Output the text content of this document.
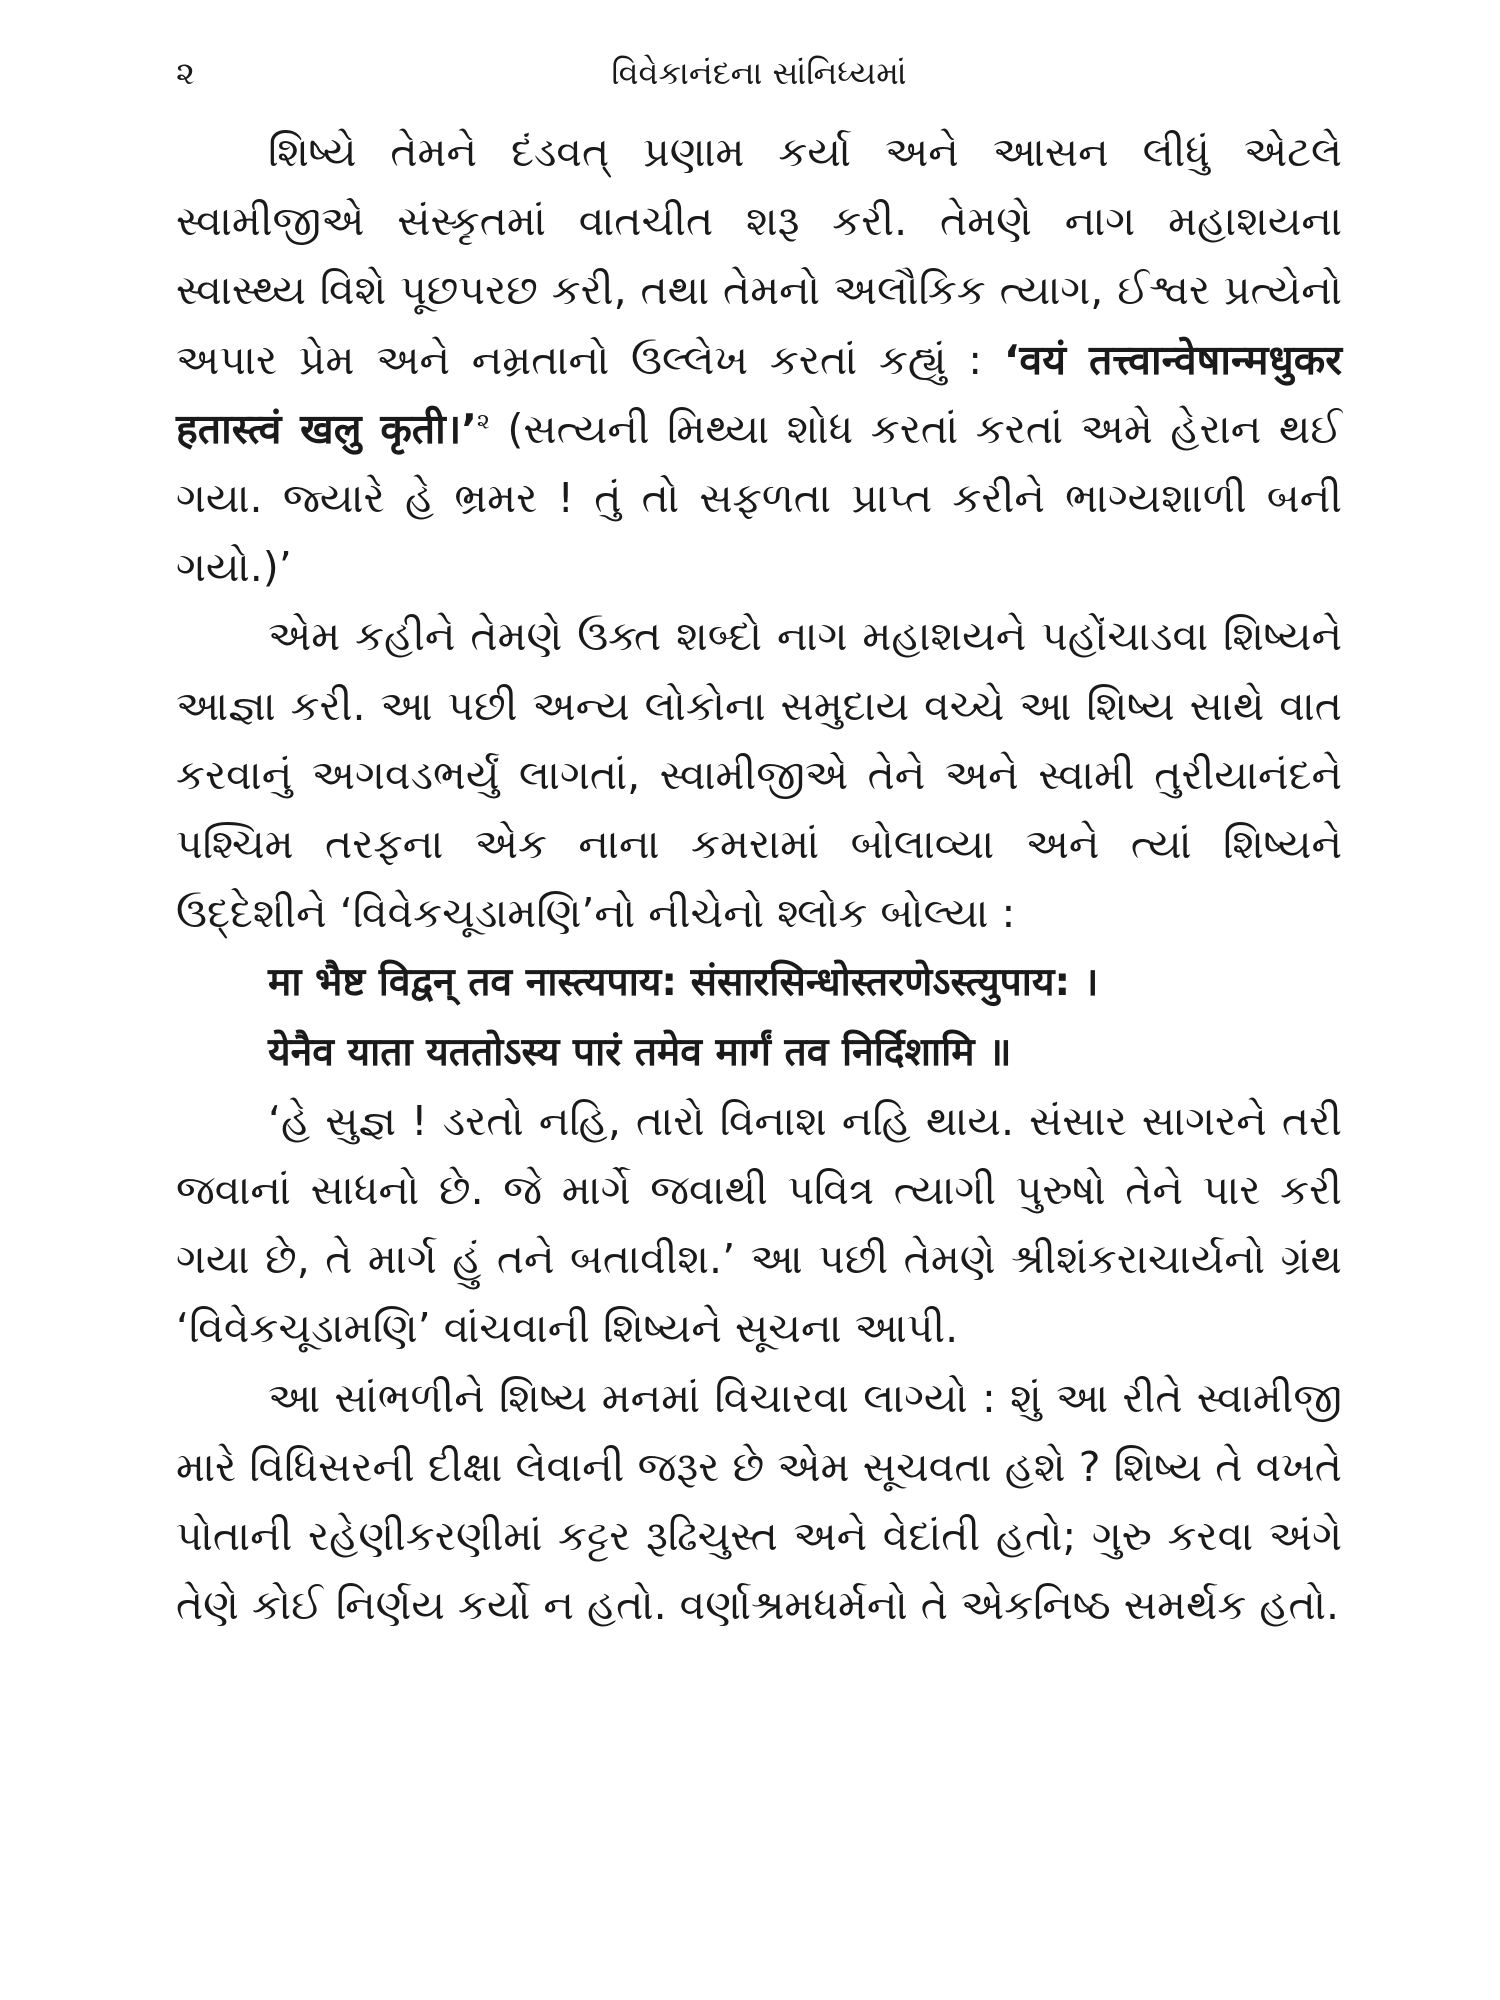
૨	વિવેકાનંદના સાંનિધ્યમાં

શિષ્યે તેમને દંડવત્ પ્રણામ કર્યા અને આસન લીધું એટલે સ્વામીજીએ સંસ્કૃતમાં વાતચીત શરૂ કરી. તેમણે નાગ મહાશયના સ્વાસ્થ્ય વિશે પૂછપરછ કરી, તથા તેમનો અલૌકિક ત્યાગ, ઈશ્વર પ્રત્યેનો અપાર પ્રેમ અને નમ્રતાનો ઉલ્લેખ કરતાં કહ્યું : ‘वयं तत्त्वान्वेषान्मधुकर हतास्त्वं खलु कृती।’$^૨$ (સત્યની મિથ્યા શોધ કરતાં કરતાં અમે હેરાન થઈ ગયા. જ્યારે હે ભ્રમર ! તું તો સફળતા પ્રાપ્ત કરીને ભાગ્યશાળી બની ગયો.)’

એમ કહીને તેમણે ઉક્ત શબ્દો નાગ મહાશયને પહોંચાડવા શિષ્યને આજ્ઞા કરી. આ પછી અન્ય લોકોના સમુદાય વચ્ચે આ શિષ્ય સાથે વાત કરવાનું અગવડભર્યું લાગતાં, સ્વામીજીએ તેને અને સ્વામી તુરીયાનંદને પશ્ચિમ તરફના એક નાના કમરામાં બોલાવ્યા અને ત્યાં શિષ્યને ઉદ્દેશીને ‘વિવેકચૂડામણિ’નો નીચેનો શ્લોક બોલ્યા :

मा भैष्ट विद्वन् तव नास्त्यपाय: संसारसिन्धोस्तरणेऽस्त्युपाय: ।

येनैव याता यततोऽस्य पारं तमेव मार्गं तव निर्दिशामि ॥

‘હે સુજ્ઞ ! ડરતો નહિ, તારો વિનાશ નહિ થાય. સંસાર સાગરને તરી જવાનાં સાધનો છે. જે માર્ગે જવાથી પવિત્ર ત્યાગી પુરુષો તેને પાર કરી ગયા છે, તે માર્ગ હું તને બતાવીશ.’ આ પછી તેમણે શ્રીશંકરાચાર્યનો ગ્રંથ ‘વિવેકચૂડામણિ’ વાંચવાની શિષ્યને સૂચના આપી.

આ સાંભળીને શિષ્ય મનમાં વિચારવા લાગ્યો : શું આ રીતે સ્વામીજી મારે વિધિસરની દીક્ષા લેવાની જરૂર છે એમ સૂચવતા હશે ? શિષ્ય તે વખતે પોતાની રહેણીકરણીમાં કટ્ટર રૂઢિચુસ્ત અને વેદાંતી હતો; ગુરુ કરવા અંગે તેણે કોઈ નિર્ણય કર્યો ન હતો. વર્ણાશ્રમધર્મનો તે એકનિષ્ઠ સમર્થક હતો.
